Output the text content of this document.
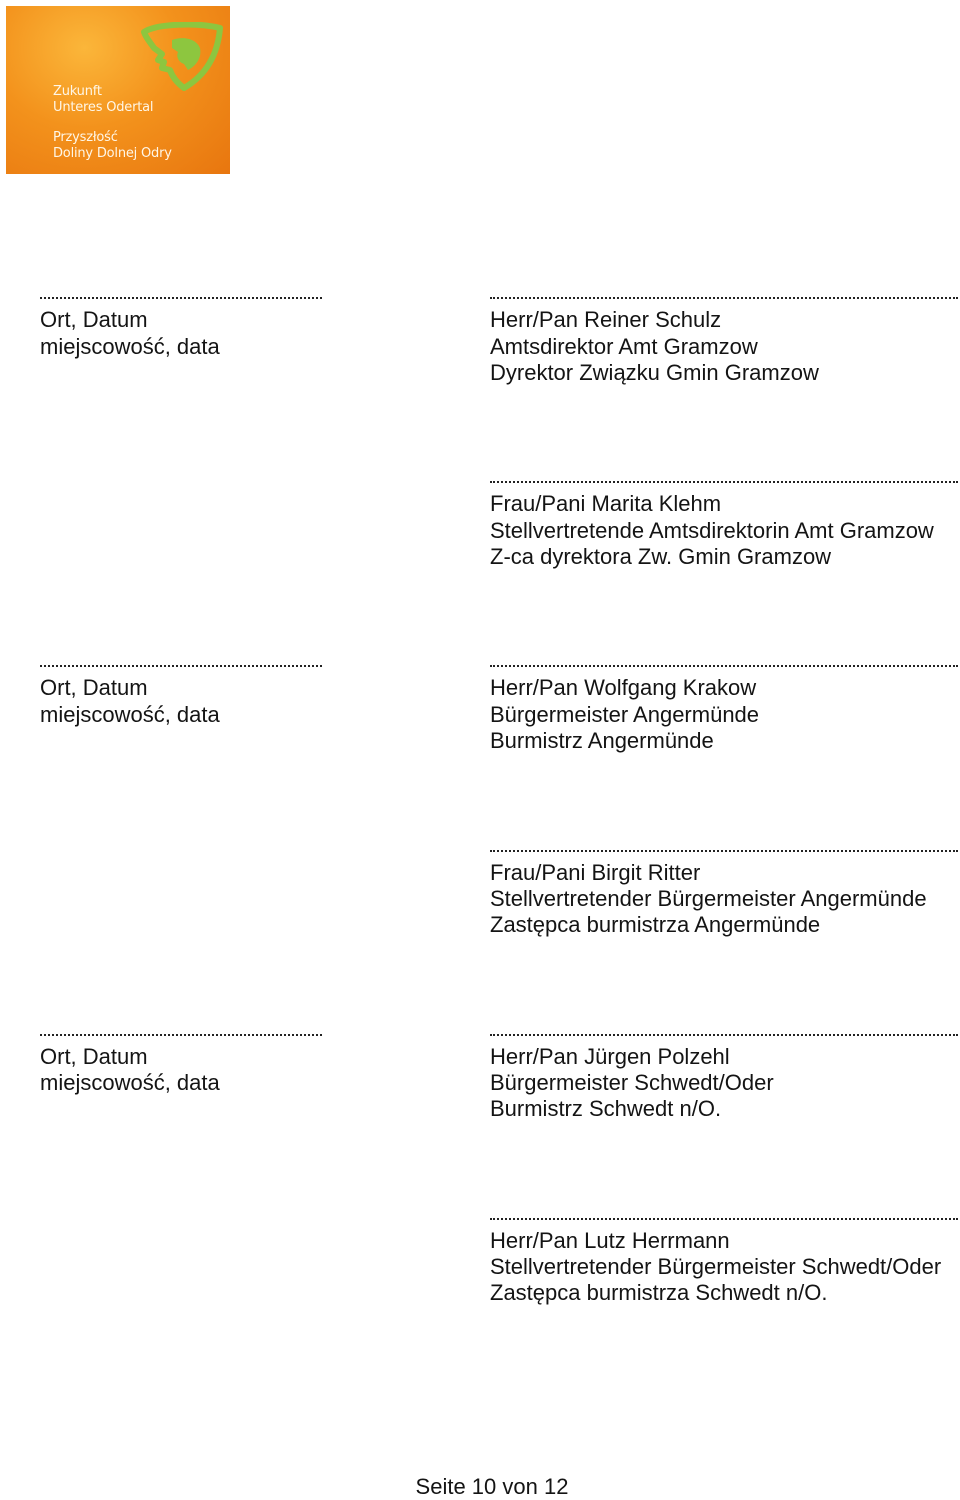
Zukunft
Unteres Odertal
Przyszłość
Doliny Dolnej Odry
Ort, Datum
miejscowość, data
Herr/Pan Reiner Schulz
Amtsdirektor Amt Gramzow
Dyrektor Związku Gmin Gramzow
Frau/Pani Marita Klehm
Stellvertretende Amtsdirektorin Amt Gramzow
Z-ca dyrektora Zw. Gmin Gramzow
Ort, Datum
miejscowość, data
Herr/Pan Wolfgang Krakow
Bürgermeister Angermünde
Burmistrz Angermünde
Frau/Pani Birgit Ritter
Stellvertretender Bürgermeister Angermünde
Zastępca burmistrza Angermünde
Ort, Datum
miejscowość, data
Herr/Pan Jürgen Polzehl
Bürgermeister Schwedt/Oder
Burmistrz Schwedt n/O.
Herr/Pan Lutz Herrmann
Stellvertretender Bürgermeister Schwedt/Oder
Zastępca burmistrza Schwedt n/O.
Seite 10 von 12
